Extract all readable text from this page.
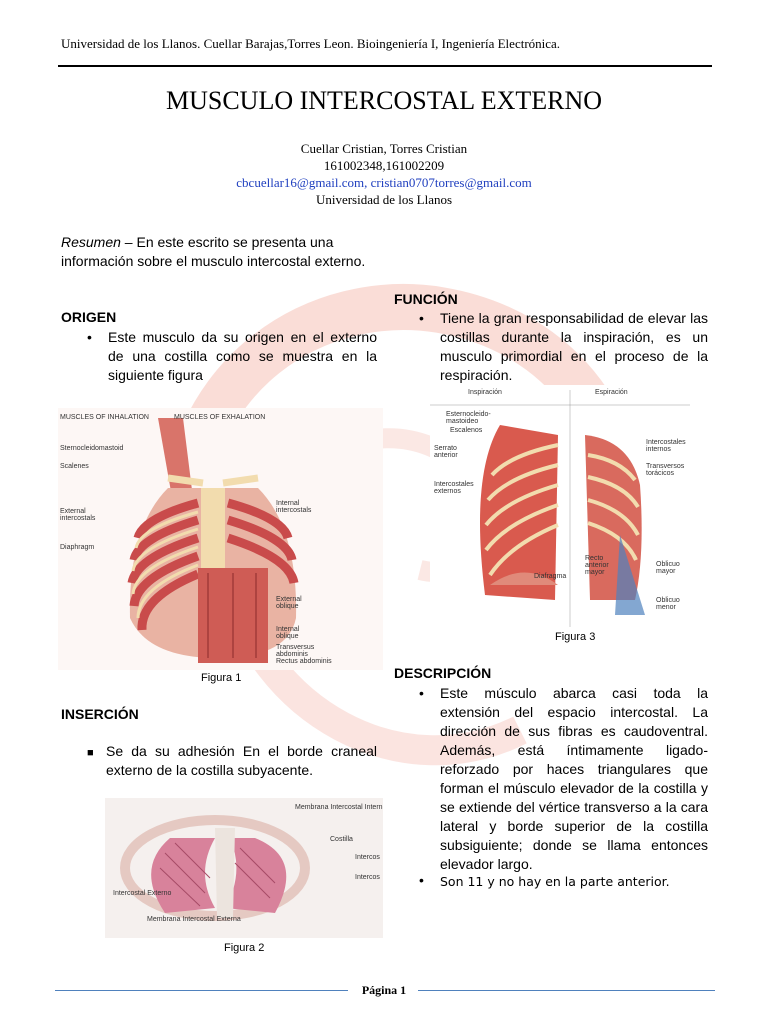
Universidad de los Llanos. Cuellar Barajas,Torres Leon. Bioingeniería I, Ingeniería Electrónica.
MUSCULO INTERCOSTAL EXTERNO
Cuellar Cristian, Torres Cristian
161002348,161002209
cbcuellar16@gmail.com, cristian0707torres@gmail.com
Universidad de los Llanos
Resumen – En este escrito se presenta una información sobre el musculo intercostal externo.
ORIGEN
• Este musculo da su origen en el externo de una costilla como se muestra en la siguiente figura
MUSCLES OF INHALATION	MUSCLES OF EXHALATION
Sternocleidomastoid
Scalenes
External intercostals
Diaphragm
Internal intercostals
External oblique
Internal oblique
Transversus abdominis
Rectus abdominis
Figura 1
INSERCIÓN
■ Se da su adhesión En el borde craneal externo de la costilla subyacente.
Membrana Intercostal Intern
Costilla
Intercos
Intercos
Intercostal Externo
Membrana Intercostal Externa
Figura 2
FUNCIÓN
• Tiene la gran responsabilidad de elevar las costillas durante la inspiración, es un musculo primordial en el proceso de la respiración.
Inspiración	Espiración
Esternocleido-mastoideo
Escalenos
Serrato anterior
Intercostales externos
Diafragma
Intercostales internos
Transversos torácicos
Recto anterior mayor
Oblicuo mayor
Oblicuo menor
Figura 3
DESCRIPCIÓN
• Este músculo abarca casi toda la extensión del espacio intercostal. La dirección de sus fibras es caudoventral. Además, está íntimamente ligado-reforzado por haces triangulares que forman el músculo elevador de la costilla y se extiende del vértice transverso a la cara lateral y borde superior de la costilla subsiguiente; donde se llama entonces elevador largo.
• Son 11 y no hay en la parte anterior.
Página 1
